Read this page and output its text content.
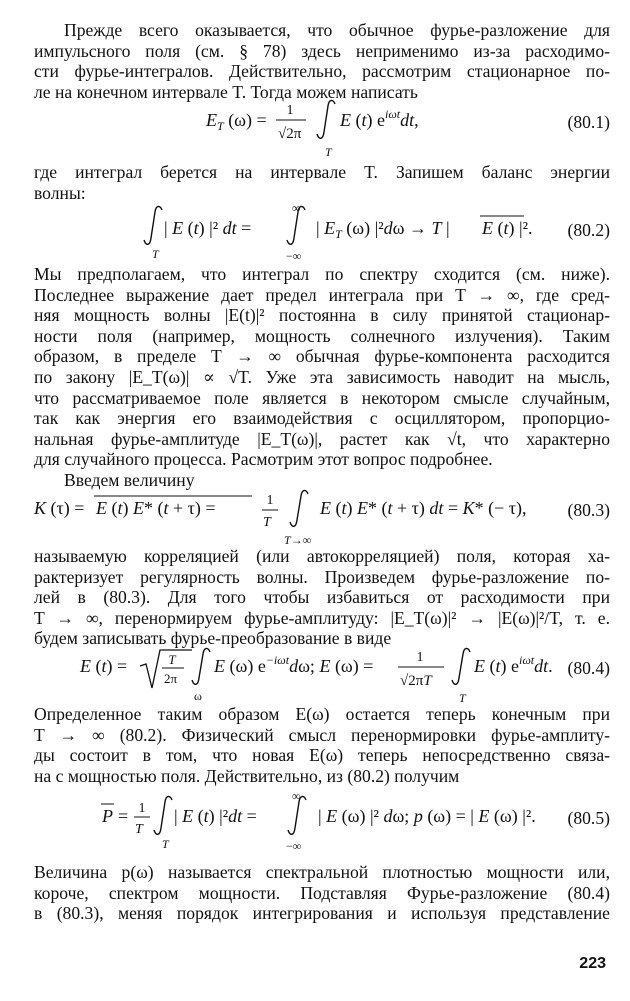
Прежде всего оказывается, что обычное фурье-разложение для
импульсного поля (см. § 78) здесь неприменимо из-за расходимо-
сти фурье-интегралов. Действительно, рассмотрим стационарное по-
ле на конечном интервале T. Тогда можем написать
$E_T$ (ω) = 1
√2π
T
E (t) $e^{i\omega t}dt$,	(80.1)
где интеграл берется на интервале T. Запишем баланс энергии
волны:
T
| E (t) |² dt =
∞
−∞
| $E_T$ (ω) |²dω → T | E (t) |². (80.2)
Мы предполагаем, что интеграл по спектру сходится (см. ниже).
Последнее выражение дает предел интеграла при T → ∞, где сред-
няя мощность волны |E(t)|² постоянна в силу принятой стационар-
ности поля (например, мощность солнечного излучения). Таким
образом, в пределе T → ∞ обычная фурье-компонента расходится
по закону |E_T(ω)| ∝ √T. Уже эта зависимость наводит на мысль,
что рассматриваемое поле является в некотором смысле случайным,
так как энергия его взаимодействия с осциллятором, пропорцио-
нальная фурье-амплитуде |E_T(ω)|, растет как √t, что характерно
для случайного процесса. Расмотрим этот вопрос подробнее.
Введем величину
K (τ) = E (t) E* (t + τ) =	1
T
T→∞
E (t) E* (t + τ) dt = K* (− τ), (80.3)
называемую корреляцией (или автокорреляцией) поля, которая ха-
рактеризует регулярность волны. Произведем фурье-разложение по-
лей в (80.3). Для того чтобы избавиться от расходимости при
T → ∞, перенормируем фурье-амплитуду: |E_T(ω)|² → |E(ω)|²/T, т. е.
будем записывать фурье-преобразование в виде
E (t) =	T
2π
ω
E (ω) $e^{-i\omega t}d\omega$; E (ω) =	1
√2πT
T
E (t) $e^{i\omega t}dt$. (80.4)
Определенное таким образом E(ω) остается теперь конечным при
T → ∞ (80.2). Физический смысл перенормировки фурье-амплиту-
ды состоит в том, что новая E(ω) теперь непосредственно связа-
на с мощностью поля. Действительно, из (80.2) получим
P = 1
T
T
| E (t) |²dt =
∞
−∞
| E (ω) |² dω; p (ω) = | E (ω) |². (80.5)
Величина p(ω) называется спектральной плотностью мощности или,
короче, спектром мощности. Подставляя Фурье-разложение (80.4)
в (80.3), меняя порядок интегрирования и используя представление
223
